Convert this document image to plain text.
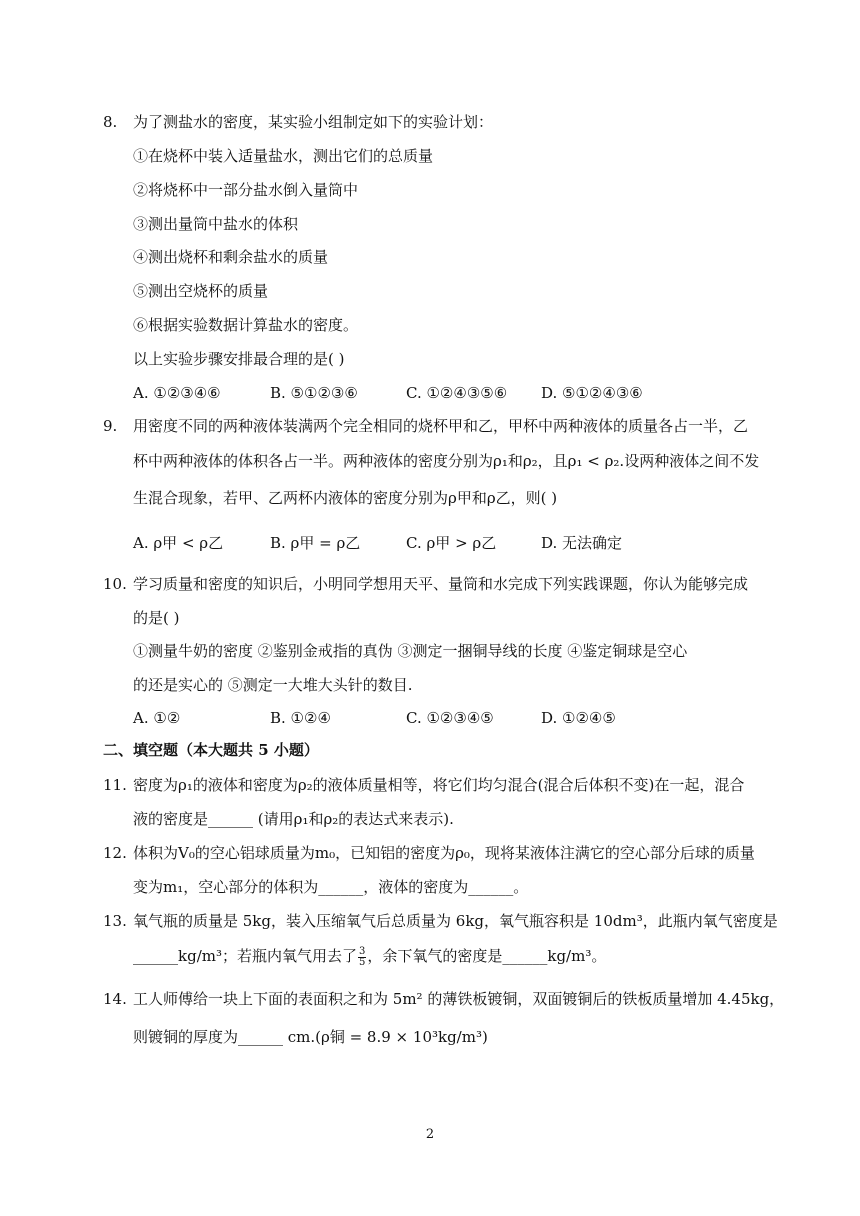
8. 为了测盐水的密度，某实验小组制定如下的实验计划：
①在烧杯中装入适量盐水，测出它们的总质量
②将烧杯中一部分盐水倒入量筒中
③测出量筒中盐水的体积
④测出烧杯和剩余盐水的质量
⑤测出空烧杯的质量
⑥根据实验数据计算盐水的密度。
以上实验步骤安排最合理的是( )
A. ①②③④⑥	B. ⑤①②③⑥	C. ①②④③⑤⑥ D. ⑤①②④③⑥
9. 用密度不同的两种液体装满两个完全相同的烧杯甲和乙，甲杯中两种液体的质量各占一半，乙
杯中两种液体的体积各占一半。两种液体的密度分别为ρ₁和ρ₂，且ρ₁ < ρ₂.设两种液体之间不发
生混合现象，若甲、乙两杯内液体的密度分别为ρ甲和ρ乙，则( )
A. ρ甲 < ρ乙	B. ρ甲 = ρ乙	C. ρ甲 > ρ乙	D. 无法确定
10. 学习质量和密度的知识后，小明同学想用天平、量筒和水完成下列实践课题，你认为能够完成
的是( )
①测量牛奶的密度 ②鉴别金戒指的真伪 ③测定一捆铜导线的长度 ④鉴定铜球是空心
的还是实心的 ⑤测定一大堆大头针的数目.
A. ①②	B. ①②④	C. ①②③④⑤	D. ①②④⑤
二、填空题（本大题共 5 小题）
11. 密度为ρ₁的液体和密度为ρ₂的液体质量相等，将它们均匀混合(混合后体积不变)在一起，混合
液的密度是______ (请用ρ₁和ρ₂的表达式来表示).
12. 体积为V₀的空心铝球质量为m₀，已知铝的密度为ρ₀，现将某液体注满它的空心部分后球的质量
变为m₁，空心部分的体积为______，液体的密度为______。
13. 氧气瓶的质量是 5kg，装入压缩氧气后总质量为 6kg，氧气瓶容积是 10dm³，此瓶内氧气密度是
______kg/m³；若瓶内氧气用去了 $\frac{3}{5}$ ，余下氧气的密度是______kg/m³。
14. 工人师傅给一块上下面的表面积之和为 5m² 的薄铁板镀铜，双面镀铜后的铁板质量增加 4.45kg，
则镀铜的厚度为______ cm.(ρ铜 = 8.9 × 10³kg/m³)
2
